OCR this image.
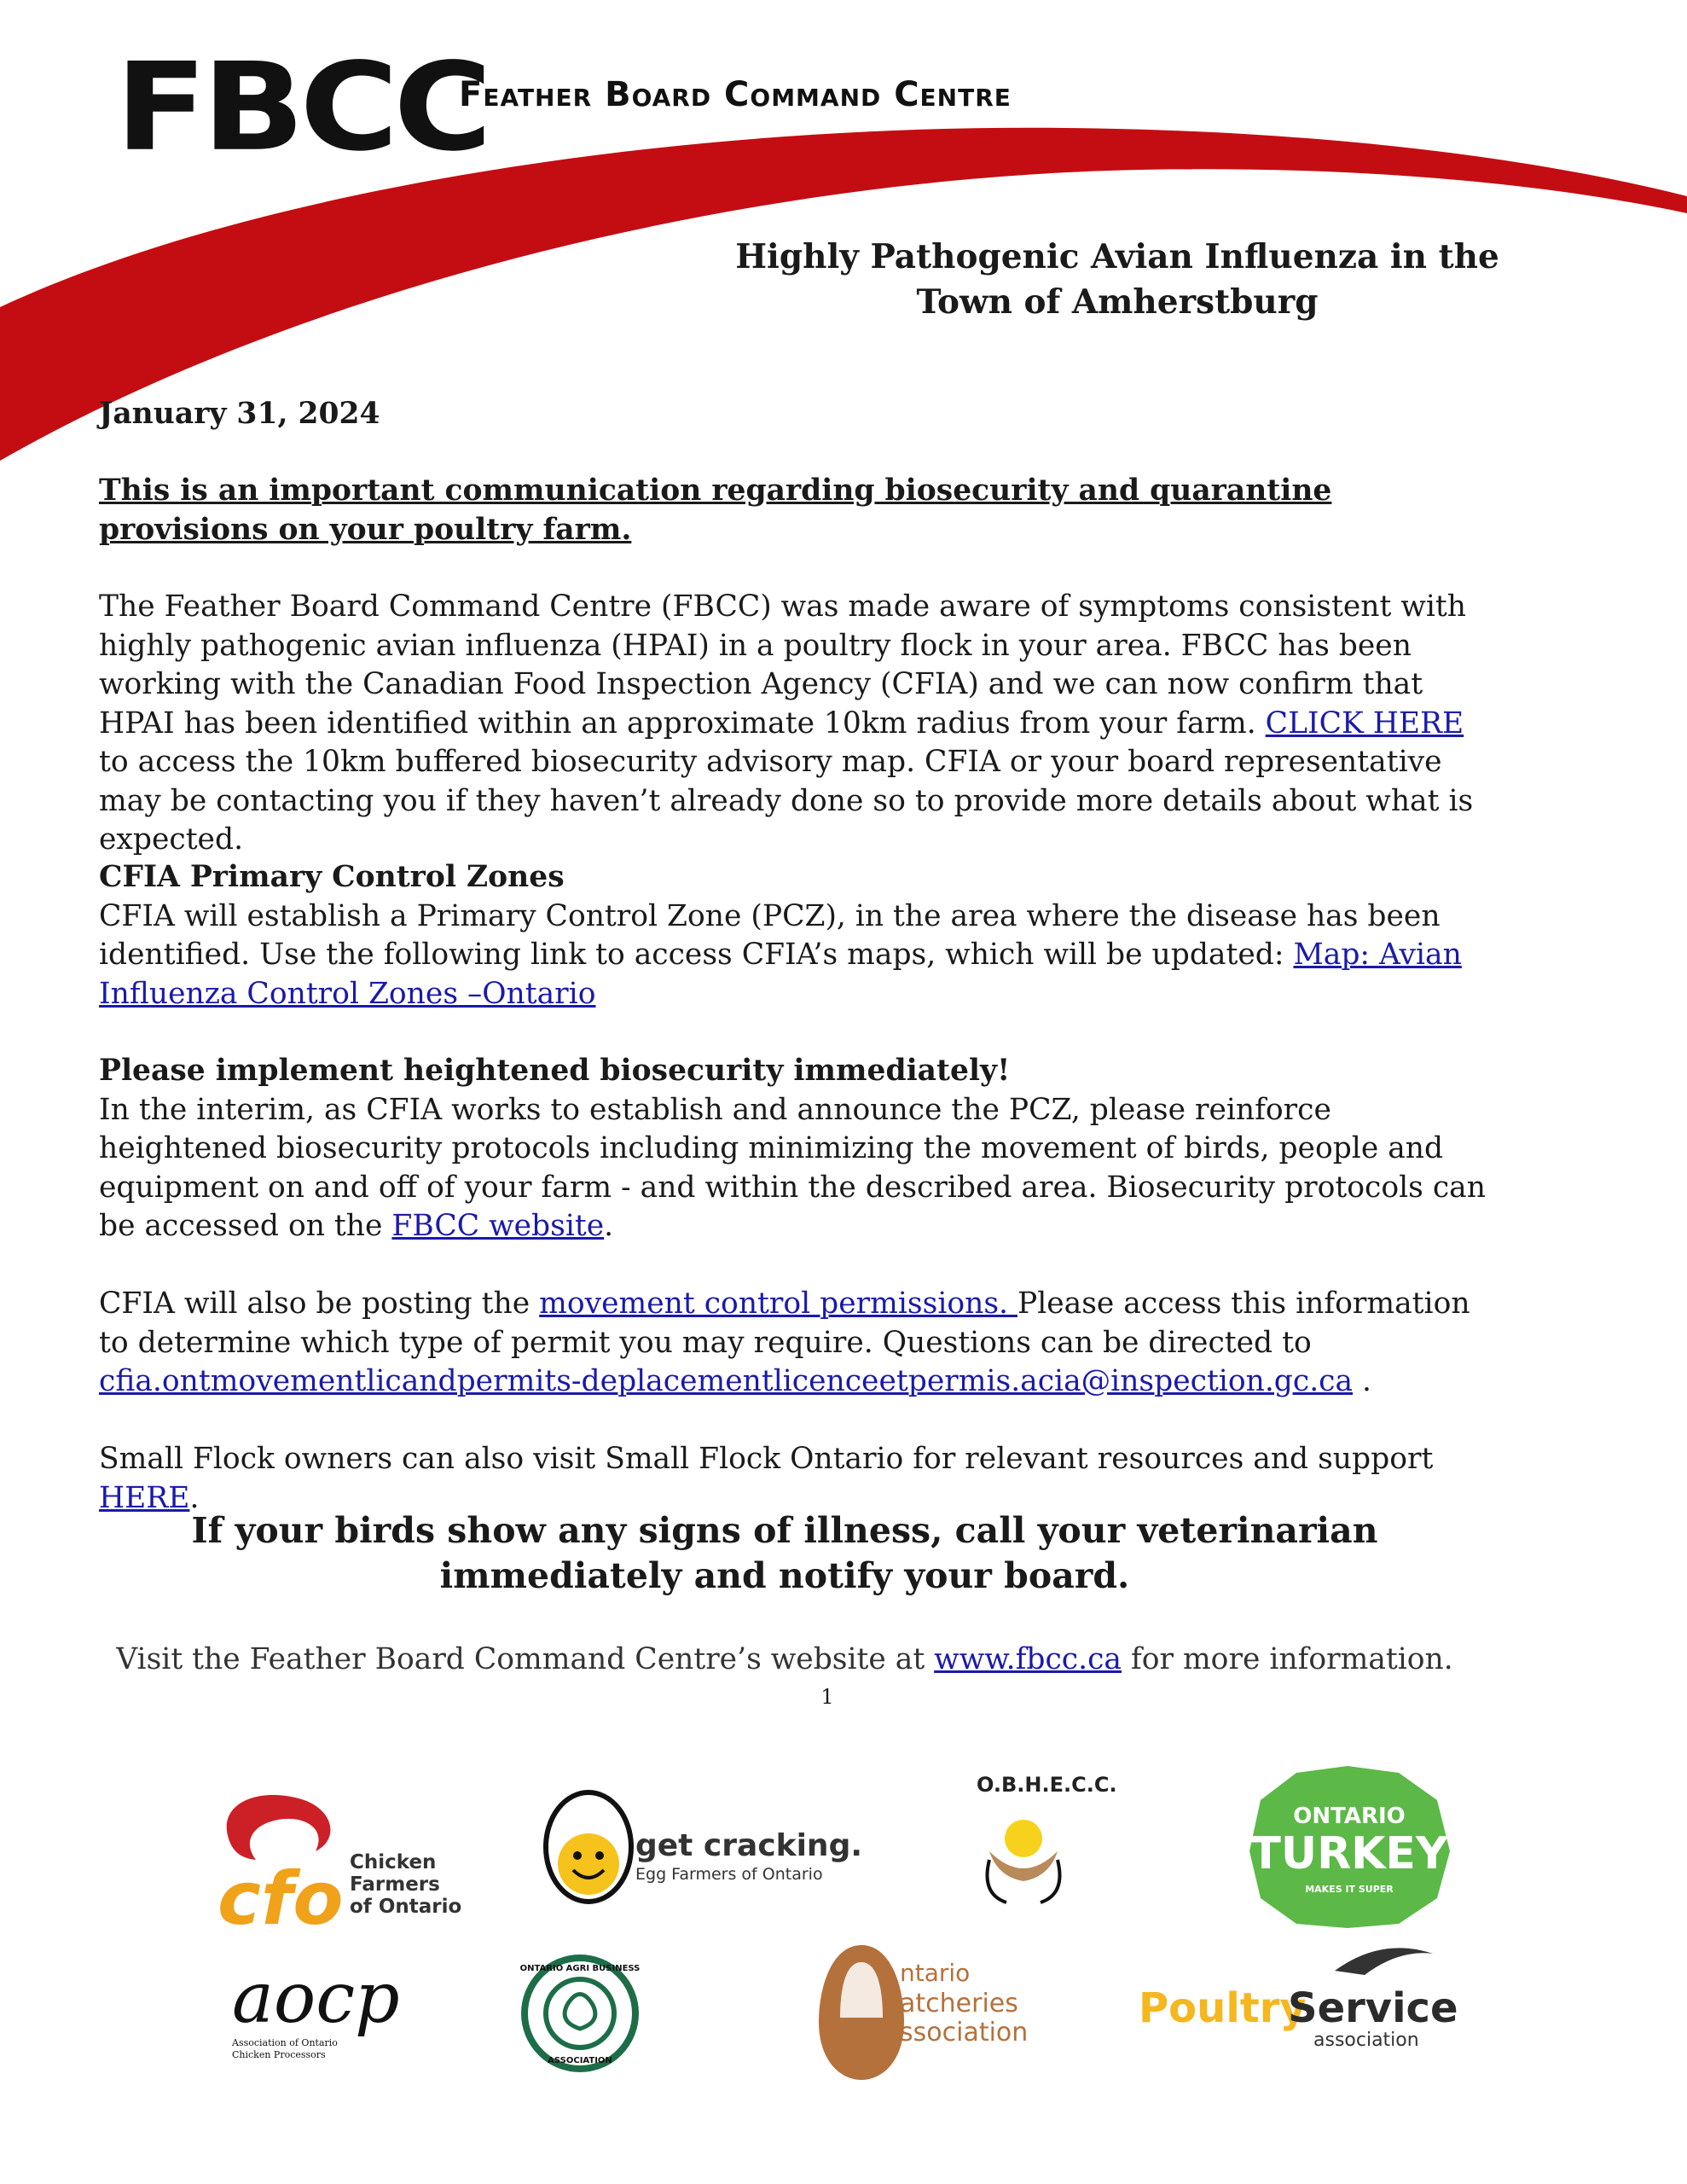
FBCC
Feather Board Command Centre
Highly Pathogenic Avian Influenza in the
Town of Amherstburg
January 31, 2024
This is an important communication regarding biosecurity and quarantine provisions on your poultry farm.
The Feather Board Command Centre (FBCC) was made aware of symptoms consistent with highly pathogenic avian influenza (HPAI) in a poultry flock in your area. FBCC has been working with the Canadian Food Inspection Agency (CFIA) and we can now confirm that HPAI has been identified within an approximate 10km radius from your farm. CLICK HERE to access the 10km buffered biosecurity advisory map. CFIA or your board representative may be contacting you if they haven’t already done so to provide more details about what is expected.
CFIA Primary Control Zones
CFIA will establish a Primary Control Zone (PCZ), in the area where the disease has been identified. Use the following link to access CFIA’s maps, which will be updated: Map: Avian Influenza Control Zones –Ontario
Please implement heightened biosecurity immediately!
In the interim, as CFIA works to establish and announce the PCZ, please reinforce heightened biosecurity protocols including minimizing the movement of birds, people and equipment on and off of your farm - and within the described area. Biosecurity protocols can be accessed on the FBCC website.
CFIA will also be posting the movement control permissions. Please access this information to determine which type of permit you may require. Questions can be directed to cfia.ontmovementlicandpermits-deplacementlicenceetpermis.acia@inspection.gc.ca .
Small Flock owners can also visit Small Flock Ontario for relevant resources and support HERE.
If your birds show any signs of illness, call your veterinarian immediately and notify your board.
Visit the Feather Board Command Centre’s website at www.fbcc.ca for more information.
1
cfo Chicken
Farmers
of Ontario
get cracking.
Egg Farmers of Ontario
O.B.H.E.C.C.
ONTARIO
TURKEY
MAKES IT SUPER
aocp
Association of Ontario
Chicken Processors
ONTARIO AGRI BUSINESS
ASSOCIATION
ntario
atcheries
ssociation
Poultry
Service
association
